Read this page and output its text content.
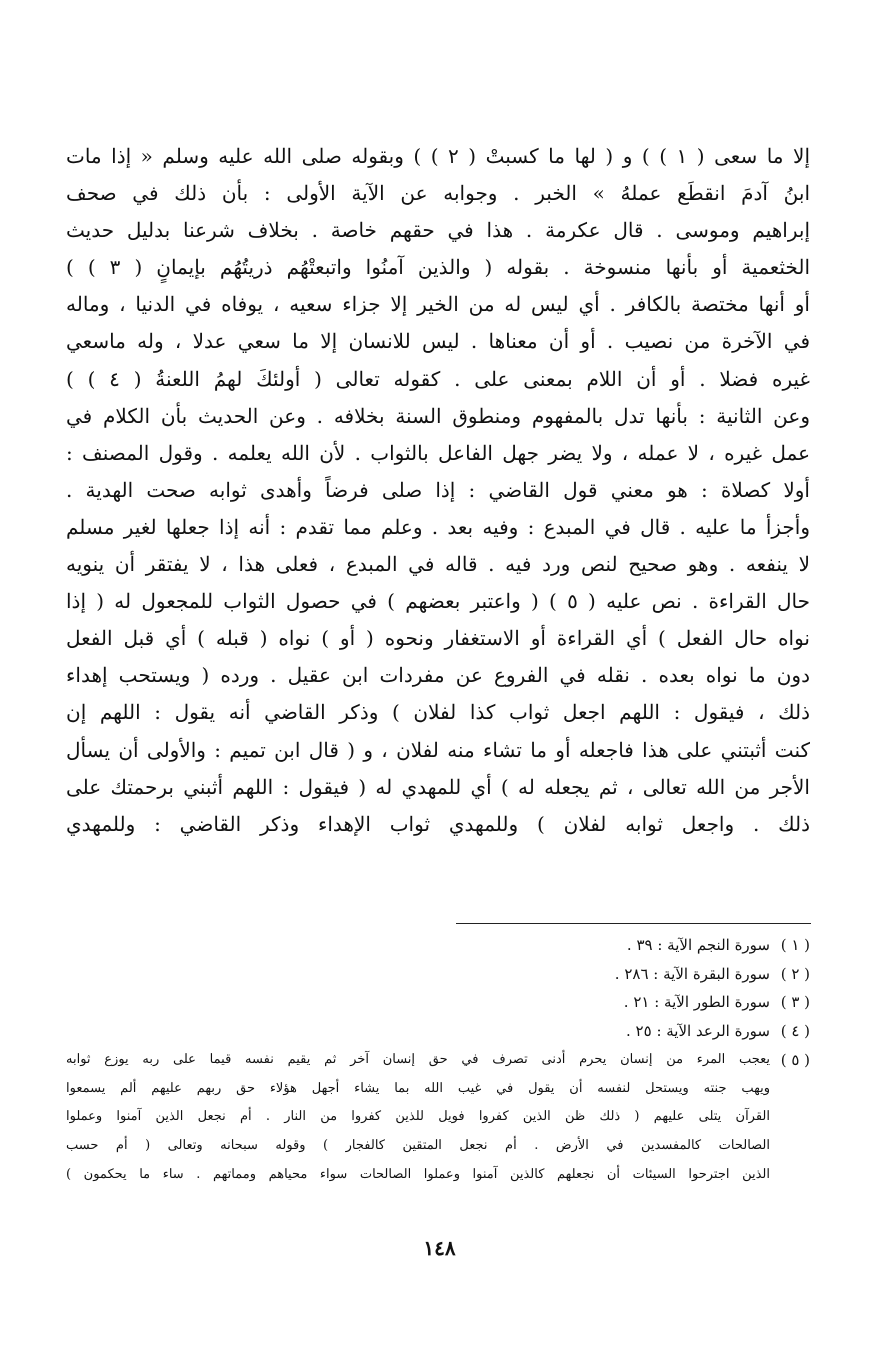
إلا ما سعى ( ١ ) ) و ( لها ما كسبتْ ( ٢ ) ) وبقوله صلى الله عليه وسلم « إذا مات
ابنُ آدمَ انقطَع عملهُ » الخبر . وجوابه عن الآية الأولى : بأن ذلك في صحف
إبراهيم وموسى . قال عكرمة . هذا في حقهم خاصة . بخلاف شرعنا بدليل حديث
الخثعمية أو بأنها منسوخة . بقوله ( والذين آمنُوا واتبعتْهُم ذريتُهُم بإيمانٍ ( ٣ ) )
أو أنها مختصة بالكافر . أي ليس له من الخير إلا جزاء سعيه ، يوفاه في الدنيا ، وماله
في الآخرة من نصيب . أو أن معناها . ليس للانسان إلا ما سعي عدلا ، وله ماسعي
غيره فضلا . أو أن اللام بمعنى على . كقوله تعالى ( أولئكَ لهمُ اللعنةُ ( ٤ ) )
وعن الثانية : بأنها تدل بالمفهوم ومنطوق السنة بخلافه . وعن الحديث بأن الكلام في
عمل غيره ، لا عمله ، ولا يضر جهل الفاعل بالثواب . لأن الله يعلمه . وقول المصنف :
أولا كصلاة : هو معني قول القاضي : إذا صلى فرضاً وأهدى ثوابه صحت الهدية .
وأجزأ ما عليه . قال في المبدع : وفيه بعد . وعلم مما تقدم : أنه إذا جعلها لغير مسلم
لا ينفعه . وهو صحيح لنص ورد فيه . قاله في المبدع ، فعلى هذا ، لا يفتقر أن ينويه
حال القراءة . نص عليه ( ٥ ) ( واعتبر بعضهم ) في حصول الثواب للمجعول له ( إذا
نواه حال الفعل ) أي القراءة أو الاستغفار ونحوه ( أو ) نواه ( قبله ) أي قبل الفعل
دون ما نواه بعده . نقله في الفروع عن مفردات ابن عقيل . ورده ( ويستحب إهداء
ذلك ، فيقول : اللهم اجعل ثواب كذا لفلان ) وذكر القاضي أنه يقول : اللهم إن
كنت أثبتني على هذا فاجعله أو ما تشاء منه لفلان ، و ( قال ابن تميم : والأولى أن يسأل
الأجر من الله تعالى ، ثم يجعله له ) أي للمهدي له ( فيقول : اللهم أثبني برحمتك على
ذلك . واجعل ثوابه لفلان ) وللمهدي ثواب الإهداء وذكر القاضي : وللمهدي
( ١ )
سورة النجم الآية : ٣٩ .
( ٢ )
سورة البقرة الآية : ٢٨٦ .
( ٣ )
سورة الطور الآية : ٢١ .
( ٤ )
سورة الرعد الآية : ٢٥ .
( ٥ )
يعجب المرء من إنسان يحرم أدنى تصرف في حق إنسان آخر ثم يقيم نفسه قيما على ربه يوزع ثوابه
ويهب جنته ويستحل لنفسه أن يقول في غيب الله بما يشاء أجهل هؤلاء حق ربهم عليهم ألم يسمعوا
القرآن يتلى عليهم ( ذلك ظن الذين كفروا فويل للذين كفروا من النار . أم نجعل الذين آمنوا وعملوا
الصالحات كالمفسدين في الأرض . أم نجعل المتقين كالفجار ) وقوله سبحانه وتعالى ( أم حسب
الذين اجترحوا السيئات أن نجعلهم كالذين آمنوا وعملوا الصالحات سواء محياهم ومماتهم . ساء ما يحكمون )
١٤٨
